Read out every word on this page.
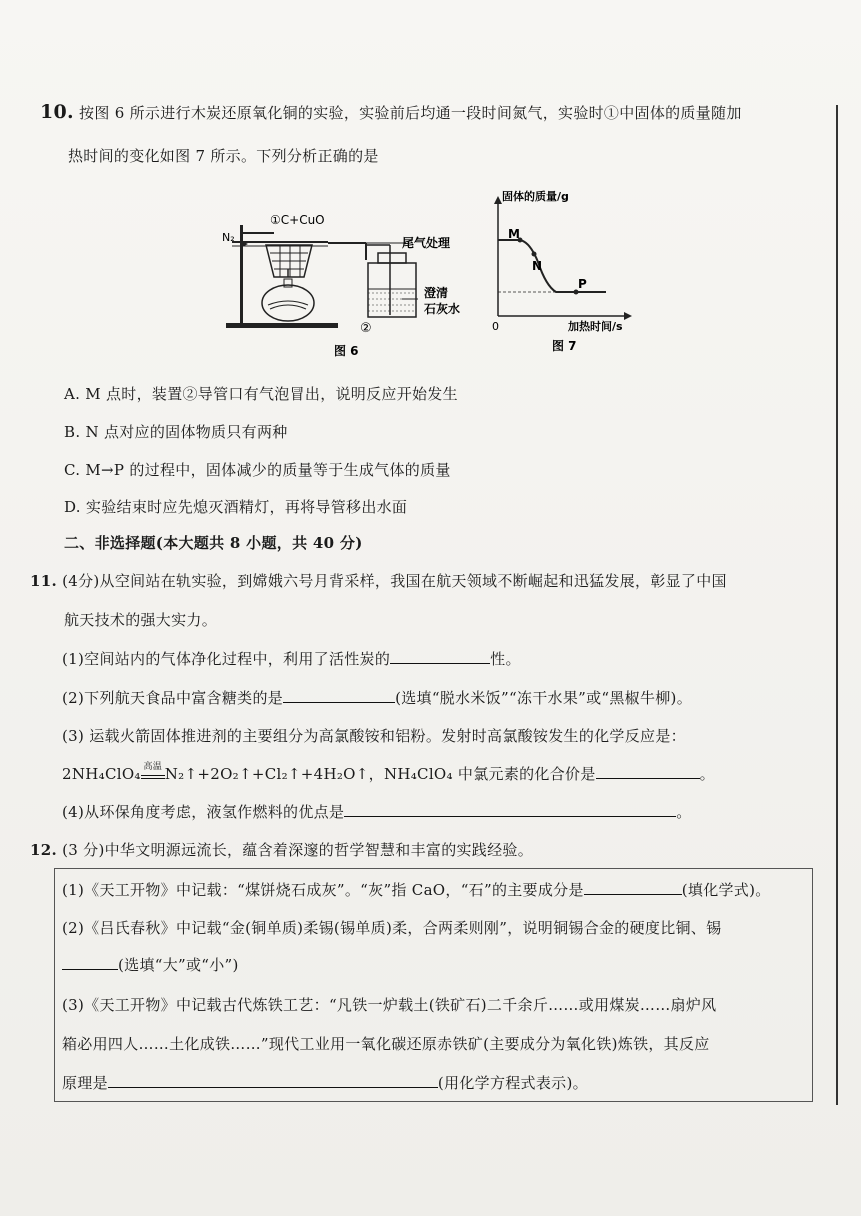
10. 按图 6 所示进行木炭还原氧化铜的实验，实验前后均通一段时间氮气，实验时①中固体的质量随加
热时间的变化如图 7 所示。下列分析正确的是
N₂
①C+CuO
尾气处理
澄清
石灰水
②
图 6
固体的质量/g
M
N
P
0	加热时间/s
图 7
A. M 点时，装置②导管口有气泡冒出，说明反应开始发生
B. N 点对应的固体物质只有两种
C. M→P 的过程中，固体减少的质量等于生成气体的质量
D. 实验结束时应先熄灭酒精灯，再将导管移出水面
二、非选择题(本大题共 8 小题，共 40 分)
11. (4分)从空间站在轨实验，到嫦娥六号月背采样，我国在航天领域不断崛起和迅猛发展，彰显了中国
航天技术的强大实力。
(1)空间站内的气体净化过程中，利用了活性炭的	性。
(2)下列航天食品中富含糖类的是	(选填“脱水米饭”“冻干水果”或“黑椒牛柳)。
(3) 运载火箭固体推进剂的主要组分为高氯酸铵和铝粉。发射时高氯酸铵发生的化学反应是：
2NH₄ClO₄ 高温 N₂↑+2O₂↑+Cl₂↑+4H₂O↑，NH₄ClO₄ 中氯元素的化合价是	。
(4)从环保角度考虑，液氢作燃料的优点是	。
12. (3 分)中华文明源远流长，蕴含着深邃的哲学智慧和丰富的实践经验。
(1)《天工开物》中记载：“煤饼烧石成灰”。“灰”指 CaO，“石”的主要成分是	(填化学式)。
(2)《吕氏春秋》中记载“金(铜单质)柔锡(锡单质)柔，合两柔则刚”，说明铜锡合金的硬度比铜、锡
(选填“大”或“小”)
(3)《天工开物》中记载古代炼铁工艺：“凡铁一炉载土(铁矿石)二千余斤……或用煤炭……扇炉风
箱必用四人……土化成铁……”现代工业用一氧化碳还原赤铁矿(主要成分为氧化铁)炼铁，其反应
原理是	(用化学方程式表示)。
